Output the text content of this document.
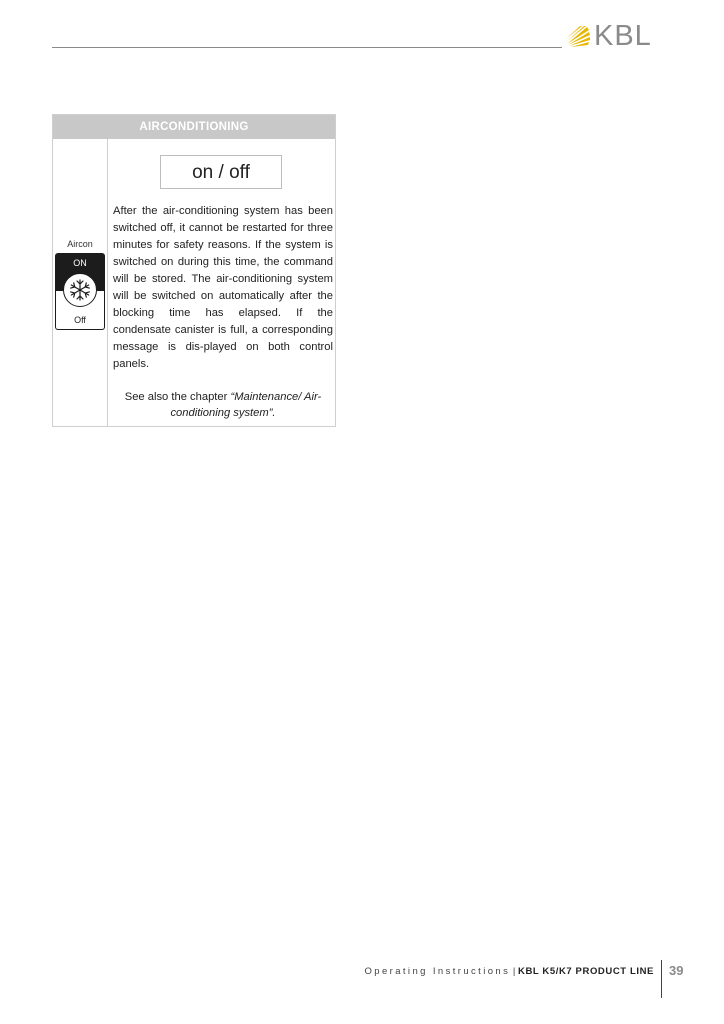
KBL
AIRCONDITIONING
Aircon
ON
Off
on / off
After the air-conditioning system has been switched off, it cannot be restarted for three minutes for safety reasons. If the system is switched on during this time, the command will be stored. The air-conditioning system will be switched on automatically after the blocking time has elapsed. If the condensate canister is full, a corresponding message is dis-played on both control panels.
See also the chapter “Maintenance/ Air-conditioning system”.
Operating Instructions | KBL K5/K7 PRODUCT LINE 39
